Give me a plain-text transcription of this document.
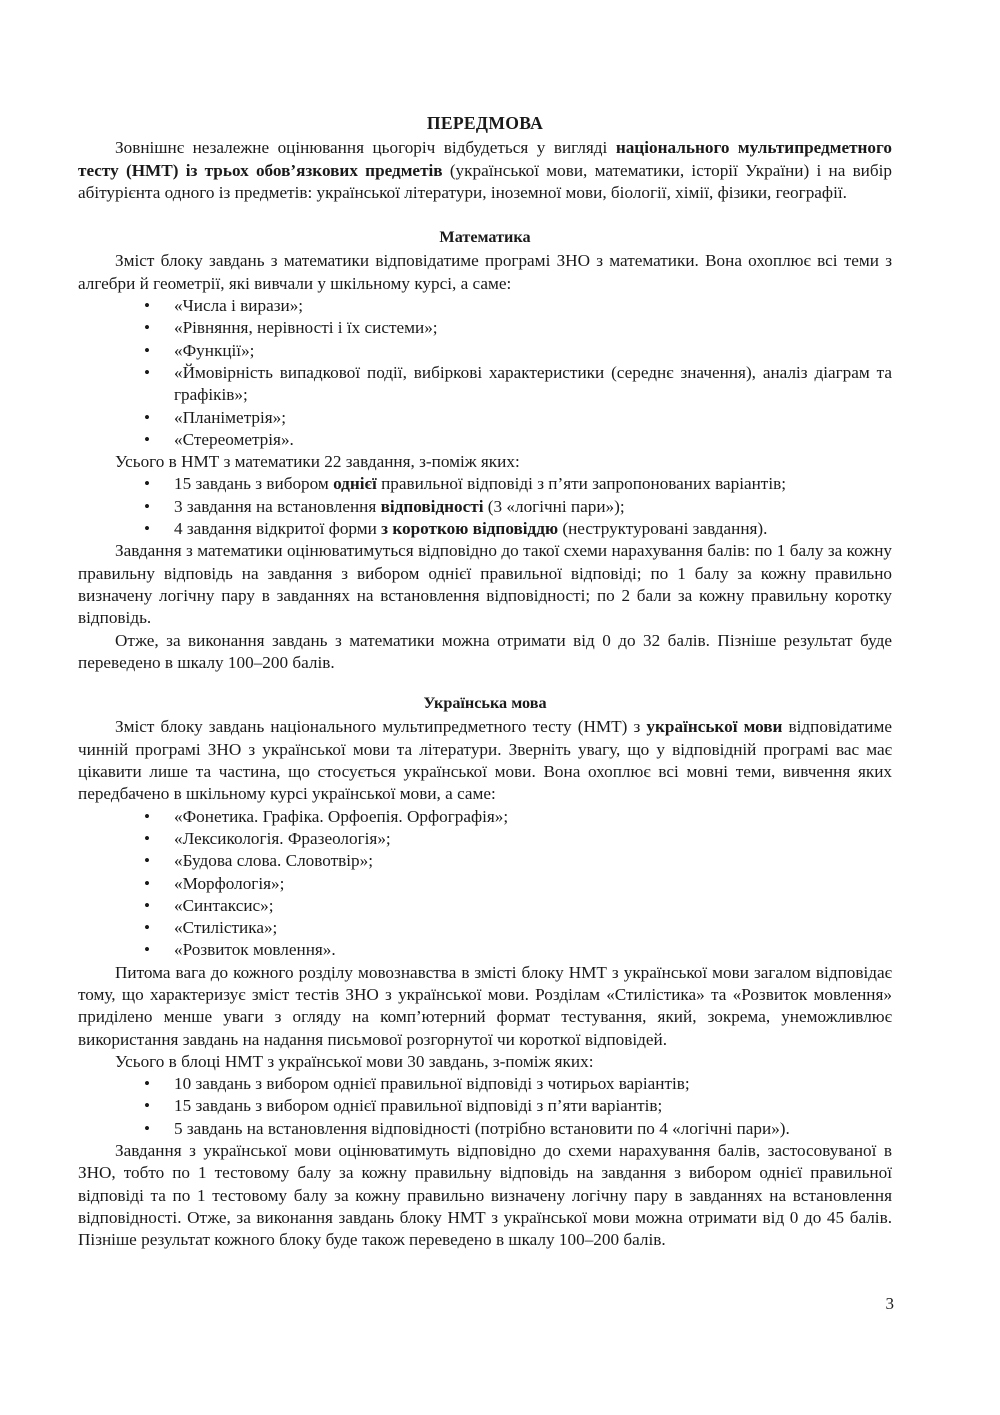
ПЕРЕДМОВА

Зовнішнє незалежне оцінювання цьогоріч відбудеться у вигляді національного мультипредметного тесту (НМТ) із трьох обов’язкових предметів (української мови, математики, історії України) і на вибір абітурієнта одного із предметів: української літератури, іноземної мови, біології, хімії, фізики, географії.

Математика

Зміст блоку завдань з математики відповідатиме програмі ЗНО з математики. Вона охоплює всі теми з алгебри й геометрії, які вивчали у шкільному курсі, а саме:

• «Числа і вирази»;
• «Рівняння, нерівності і їх системи»;
• «Функції»;
• «Ймовірність випадкової події, вибіркові характеристики (середнє значення), аналіз діаграм та графіків»;
• «Планіметрія»;
• «Стереометрія».

Усього в НМТ з математики 22 завдання, з-поміж яких:

• 15 завдань з вибором однієї правильної відповіді з п’яти запропонованих варіантів;
• 3 завдання на встановлення відповідності (3 «логічні пари»);
• 4 завдання відкритої форми з короткою відповіддю (неструктуровані завдання).

Завдання з математики оцінюватимуться відповідно до такої схеми нарахування балів: по 1 балу за кожну правильну відповідь на завдання з вибором однієї правильної відповіді; по 1 балу за кожну правильно визначену логічну пару в завданнях на встановлення відповідності; по 2 бали за кожну правильну коротку відповідь.

Отже, за виконання завдань з математики можна отримати від 0 до 32 балів. Пізніше результат буде переведено в шкалу 100–200 балів.

Українська мова

Зміст блоку завдань національного мультипредметного тесту (НМТ) з української мови відповідатиме чинній програмі ЗНО з української мови та літератури. Зверніть увагу, що у відповідній програмі вас має цікавити лише та частина, що стосується української мови. Вона охоплює всі мовні теми, вивчення яких передбачено в шкільному курсі української мови, а саме:

• «Фонетика. Графіка. Орфоепія. Орфографія»;
• «Лексикологія. Фразеологія»;
• «Будова слова. Словотвір»;
• «Морфологія»;
• «Синтаксис»;
• «Стилістика»;
• «Розвиток мовлення».

Питома вага до кожного розділу мовознавства в змісті блоку НМТ з української мови загалом відповідає тому, що характеризує зміст тестів ЗНО з української мови. Розділам «Стилістика» та «Розвиток мовлення» приділено менше уваги з огляду на комп’ютерний формат тестування, який, зокрема, унеможливлює використання завдань на надання письмової розгорнутої чи короткої відповідей.

Усього в блоці НМТ з української мови 30 завдань, з-поміж яких:

• 10 завдань з вибором однієї правильної відповіді з чотирьох варіантів;
• 15 завдань з вибором однієї правильної відповіді з п’яти варіантів;
• 5 завдань на встановлення відповідності (потрібно встановити по 4 «логічні пари»).

Завдання з української мови оцінюватимуть відповідно до схеми нарахування балів, застосовуваної в ЗНО, тобто по 1 тестовому балу за кожну правильну відповідь на завдання з вибором однієї правильної відповіді та по 1 тестовому балу за кожну правильно визначену логічну пару в завданнях на встановлення відповідності. Отже, за виконання завдань блоку НМТ з української мови можна отримати від 0 до 45 балів. Пізніше результат кожного блоку буде також переведено в шкалу 100–200 балів.

3
